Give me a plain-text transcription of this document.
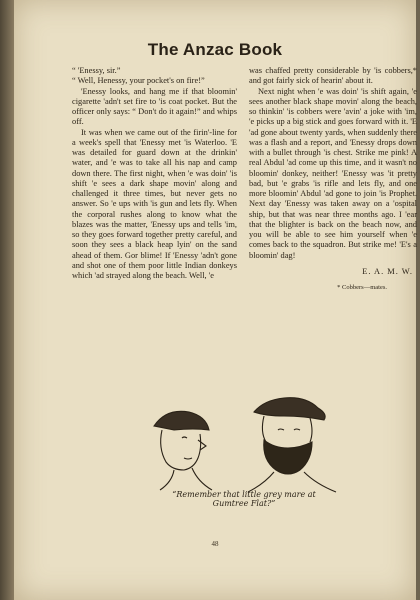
The Anzac Book

“ 'Enessy, sir.”

“ Well, Henessy, your pocket's on fire!”

'Enessy looks, and hang me if that bloomin' cigarette 'adn't set fire to 'is coat pocket. But the officer only says: “ Don't do it again!” and whips off.

It was when we came out of the firin'-line for a week's spell that 'Enessy met 'is Waterloo. 'E was detailed for guard down at the drinkin' water, and 'e was to take all his nap and camp down there. The first night, when 'e was doin' 'is shift 'e sees a dark shape movin' along and challenged it three times, but never gets no answer. So 'e ups with 'is gun and lets fly. When the corporal rushes along to know what the blazes was the matter, 'Enessy ups and tells 'im, so they goes forward together pretty careful, and soon they sees a black heap lyin' on the sand ahead of them. Gor blime! If 'Enessy 'adn't gone and shot one of them poor little Indian donkeys which 'ad strayed along the beach. Well, 'e

was chaffed pretty considerable by 'is cobbers,* and got fairly sick of hearin' about it.

Next night when 'e was doin' 'is shift again, 'e sees another black shape movin' along the beach, so thinkin' 'is cobbers were 'avin' a joke with 'im, 'e picks up a big stick and goes forward with it. 'E 'ad gone about twenty yards, when suddenly there was a flash and a report, and 'Enessy drops down with a bullet through 'is chest. Strike me pink! A real Abdul 'ad come up this time, and it wasn't no bloomin' donkey, neither! 'Enessy was 'it pretty bad, but 'e grabs 'is rifle and lets fly, and one more bloomin' Abdul 'ad gone to join 'is Prophet. Next day 'Enessy was taken away on a 'ospital ship, but that was near three months ago. I 'ear that the blighter is back on the beach now, and you will be able to see him yourself when 'e comes back to the squadron. But strike me! 'E's a bloomin' dag!

E. A. M. W.
* Cobbers—mates.
“Remember that little grey mare at
Gumtree Flat?”
48
